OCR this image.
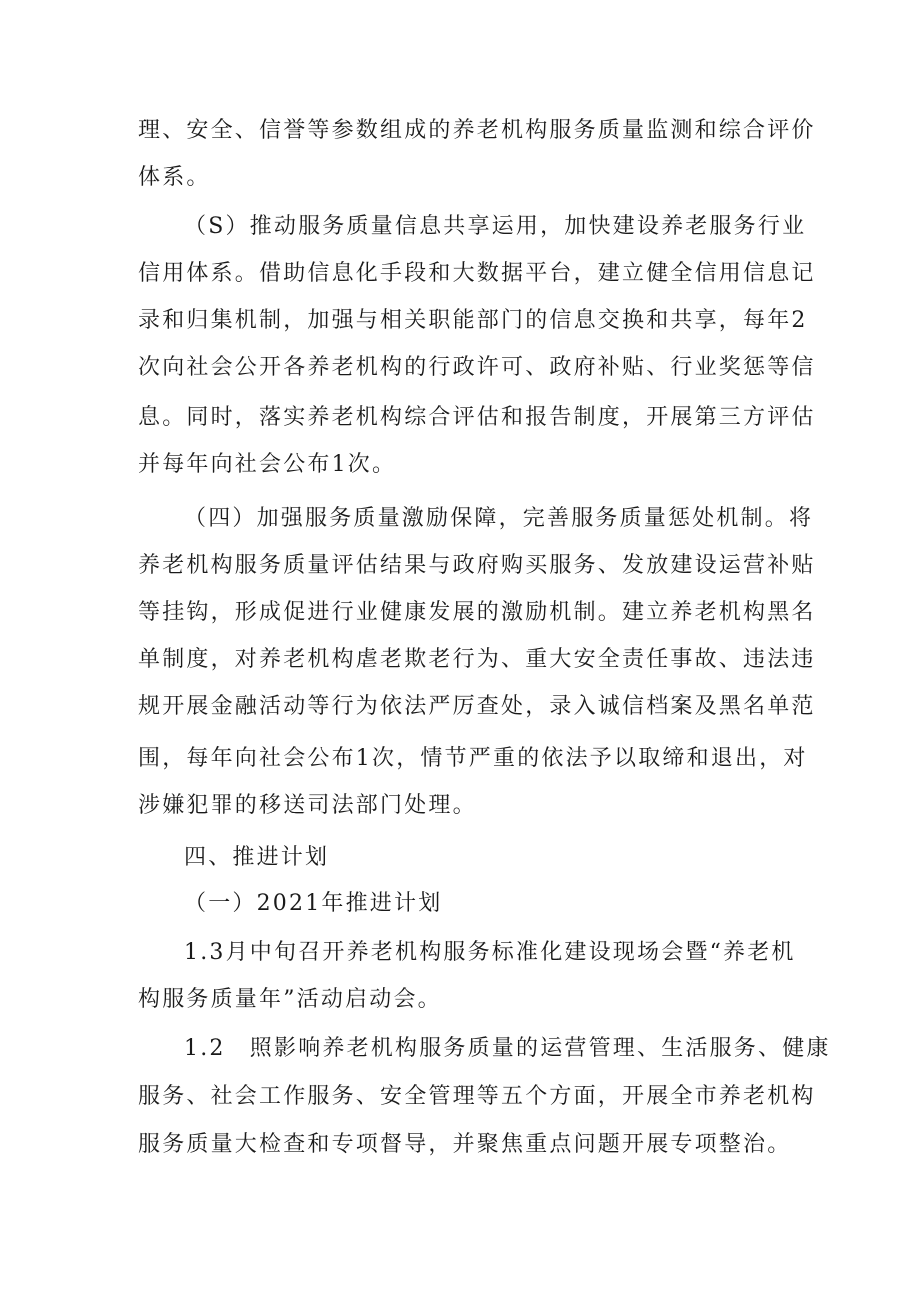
理、安全、信誉等参数组成的养老机构服务质量监测和综合评价
体系。
（S）推动服务质量信息共享运用，加快建设养老服务行业
信用体系。借助信息化手段和大数据平台，建立健全信用信息记
录和归集机制，加强与相关职能部门的信息交换和共享，每年2
次向社会公开各养老机构的行政许可、政府补贴、行业奖惩等信
息。同时，落实养老机构综合评估和报告制度，开展第三方评估
并每年向社会公布1次。
（四）加强服务质量激励保障，完善服务质量惩处机制。将
养老机构服务质量评估结果与政府购买服务、发放建设运营补贴
等挂钩，形成促进行业健康发展的激励机制。建立养老机构黑名
单制度，对养老机构虐老欺老行为、重大安全责任事故、违法违
规开展金融活动等行为依法严厉查处，录入诚信档案及黑名单范
围，每年向社会公布1次，情节严重的依法予以取缔和退出，对
涉嫌犯罪的移送司法部门处理。
四、推进计划
（一）2021年推进计划
1.3月中旬召开养老机构服务标准化建设现场会暨“养老机
构服务质量年”活动启动会。
1.2　照影响养老机构服务质量的运营管理、生活服务、健康
服务、社会工作服务、安全管理等五个方面，开展全市养老机构
服务质量大检查和专项督导，并聚焦重点问题开展专项整治。
